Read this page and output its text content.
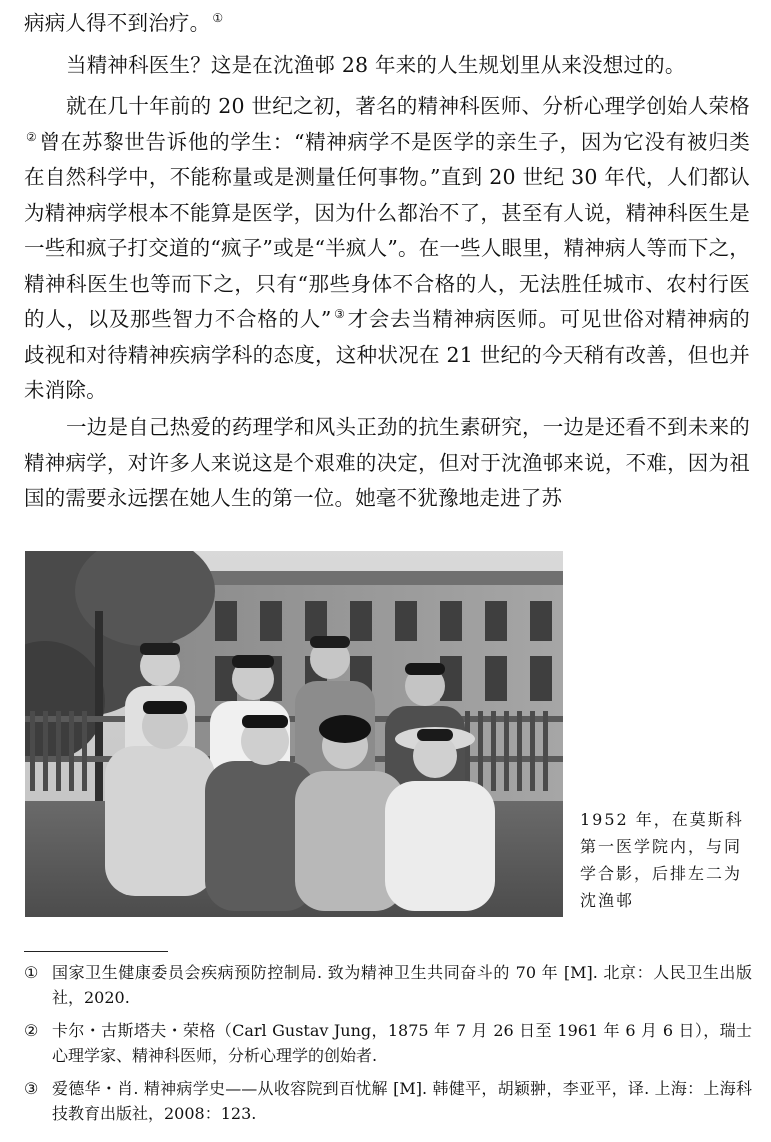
病病人得不到治疗。 ①
当精神科医生？这是在沈渔邨 28 年来的人生规划里从来没想过的。
就在几十年前的 20 世纪之初，著名的精神科医师、分析心理学创始人荣格②曾在苏黎世告诉他的学生：“精神病学不是医学的亲生子，因为它没有被归类在自然科学中，不能称量或是测量任何事物。”直到 20 世纪 30 年代，人们都认为精神病学根本不能算是医学，因为什么都治不了，甚至有人说，精神科医生是一些和疯子打交道的“疯子”或是“半疯人”。在一些人眼里，精神病人等而下之，精神科医生也等而下之，只有“那些身体不合格的人，无法胜任城市、农村行医的人，以及那些智力不合格的人” ③才会去当精神病医师。可见世俗对精神病的歧视和对待精神疾病学科的态度，这种状况在 21 世纪的今天稍有改善，但也并未消除。
一边是自己热爱的药理学和风头正劲的抗生素研究，一边是还看不到未来的精神病学，对许多人来说这是个艰难的决定，但对于沈渔邨来说，不难，因为祖国的需要永远摆在她人生的第一位。她毫不犹豫地走进了苏
1952 年，在莫斯科第一医学院内，与同学合影，后排左二为沈渔邨
① 国家卫生健康委员会疾病预防控制局. 致为精神卫生共同奋斗的 70 年 [M]. 北京：人民卫生出版社，2020.
② 卡尔・古斯塔夫・荣格（Carl Gustav Jung，1875 年 7 月 26 日至 1961 年 6 月 6 日），瑞士心理学家、精神科医师，分析心理学的创始者.
③ 爱德华・肖. 精神病学史——从收容院到百忧解 [M]. 韩健平，胡颖翀，李亚平，译. 上海：上海科技教育出版社，2008：123.
